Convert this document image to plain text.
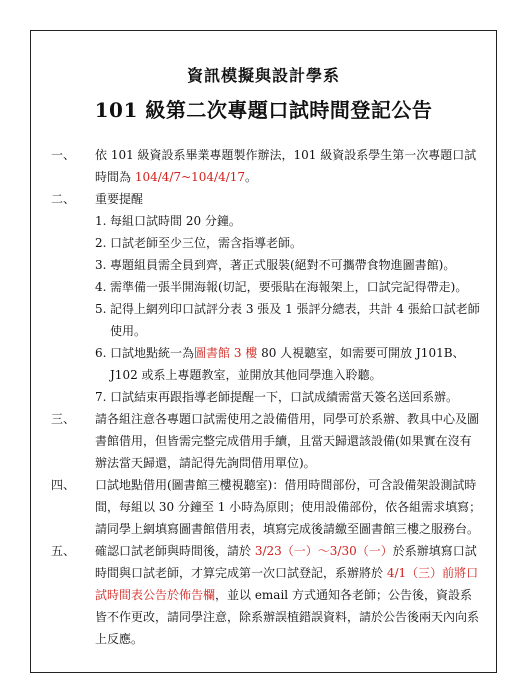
資訊模擬與設計學系
101 級第二次專題口試時間登記公告
一、 依 101 級資設系畢業專題製作辦法，101 級資設系學生第一次專題口試時間為 104/4/7~104/4/17。
二、 重要提醒
1. 每組口試時間 20 分鐘。
2. 口試老師至少三位，需含指導老師。
3. 專題組員需全員到齊，著正式服裝(絕對不可攜帶食物進圖書館)。
4. 需準備一張半開海報(切記，要張貼在海報架上，口試完記得帶走)。
5. 記得上網列印口試評分表 3 張及 1 張評分總表，共計 4 張給口試老師使用。
6. 口試地點統一為圖書館 3 樓 80 人視聽室，如需要可開放 J101B、J102 或系上專題教室，並開放其他同學進入聆聽。
7. 口試結束再跟指導老師提醒一下，口試成績需當天簽名送回系辦。
三、 請各組注意各專題口試需使用之設備借用，同學可於系辦、教具中心及圖書館借用，但皆需完整完成借用手續，且當天歸還該設備(如果實在沒有辦法當天歸還，請記得先詢問借用單位)。
四、 口試地點借用(圖書館三樓視聽室)：借用時間部份，可含設備架設測試時間，每組以 30 分鐘至 1 小時為原則；使用設備部份，依各組需求填寫；請同學上網填寫圖書館借用表，填寫完成後請繳至圖書館三樓之服務台。
五、 確認口試老師與時間後，請於 3/23（一）～3/30（一）於系辦填寫口試時間與口試老師，才算完成第一次口試登記，系辦將於 4/1（三）前將口試時間表公告於佈告欄，並以 email 方式通知各老師；公告後，資設系皆不作更改，請同學注意，除系辦誤植錯誤資料，請於公告後兩天內向系上反應。
